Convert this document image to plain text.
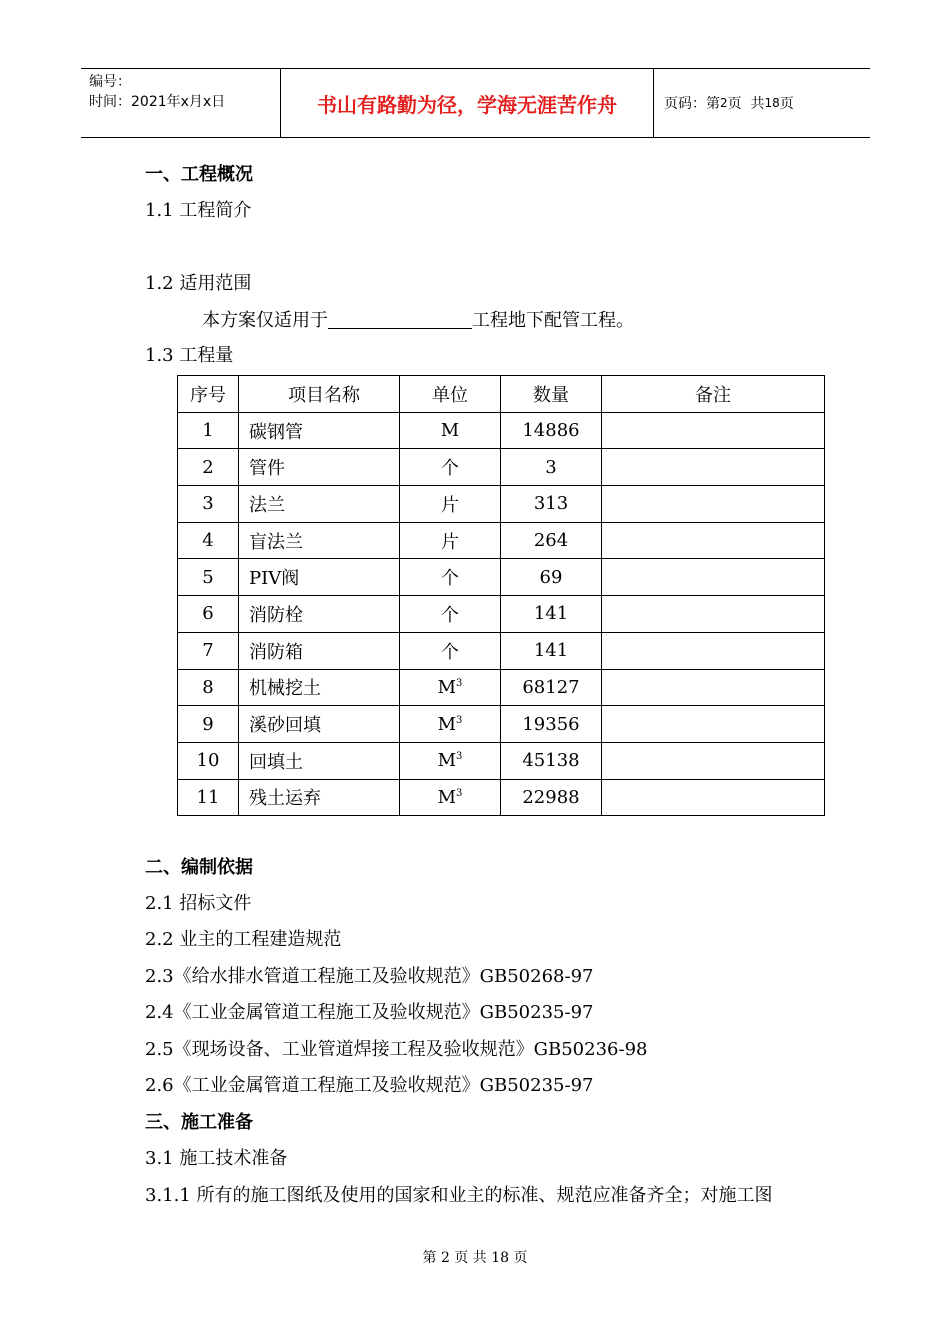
编号：
时间：2021年x月x日	书山有路勤为径，学海无涯苦作舟	页码：第 2 页  共 18 页
一、工程概况
1.1 工程简介
1.2 适用范围
本方案仅适用于	工程地下配管工程。
1.3 工程量
序号	项目名称	单位	数量	备注
1	碳钢管	M	14886	
2	管件	个	3	
3	法兰	片	313	
4	盲法兰	片	264	
5	PIV阀	个	69	
6	消防栓	个	141	
7	消防箱	个	141	
8	机械挖土	$M^3$	68127	
9	溪砂回填	$M^3$	19356	
10	回填土	$M^3$	45138	
11	残土运弃	$M^3$	22988	
二、编制依据
2.1 招标文件
2.2 业主的工程建造规范
2.3《给水排水管道工程施工及验收规范》GB50268-97
2.4《工业金属管道工程施工及验收规范》GB50235-97
2.5《现场设备、工业管道焊接工程及验收规范》GB50236-98
2.6《工业金属管道工程施工及验收规范》GB50235-97
三、施工准备
3.1 施工技术准备
3.1.1 所有的施工图纸及使用的国家和业主的标准、规范应准备齐全；对施工图
第 2 页 共 18 页
